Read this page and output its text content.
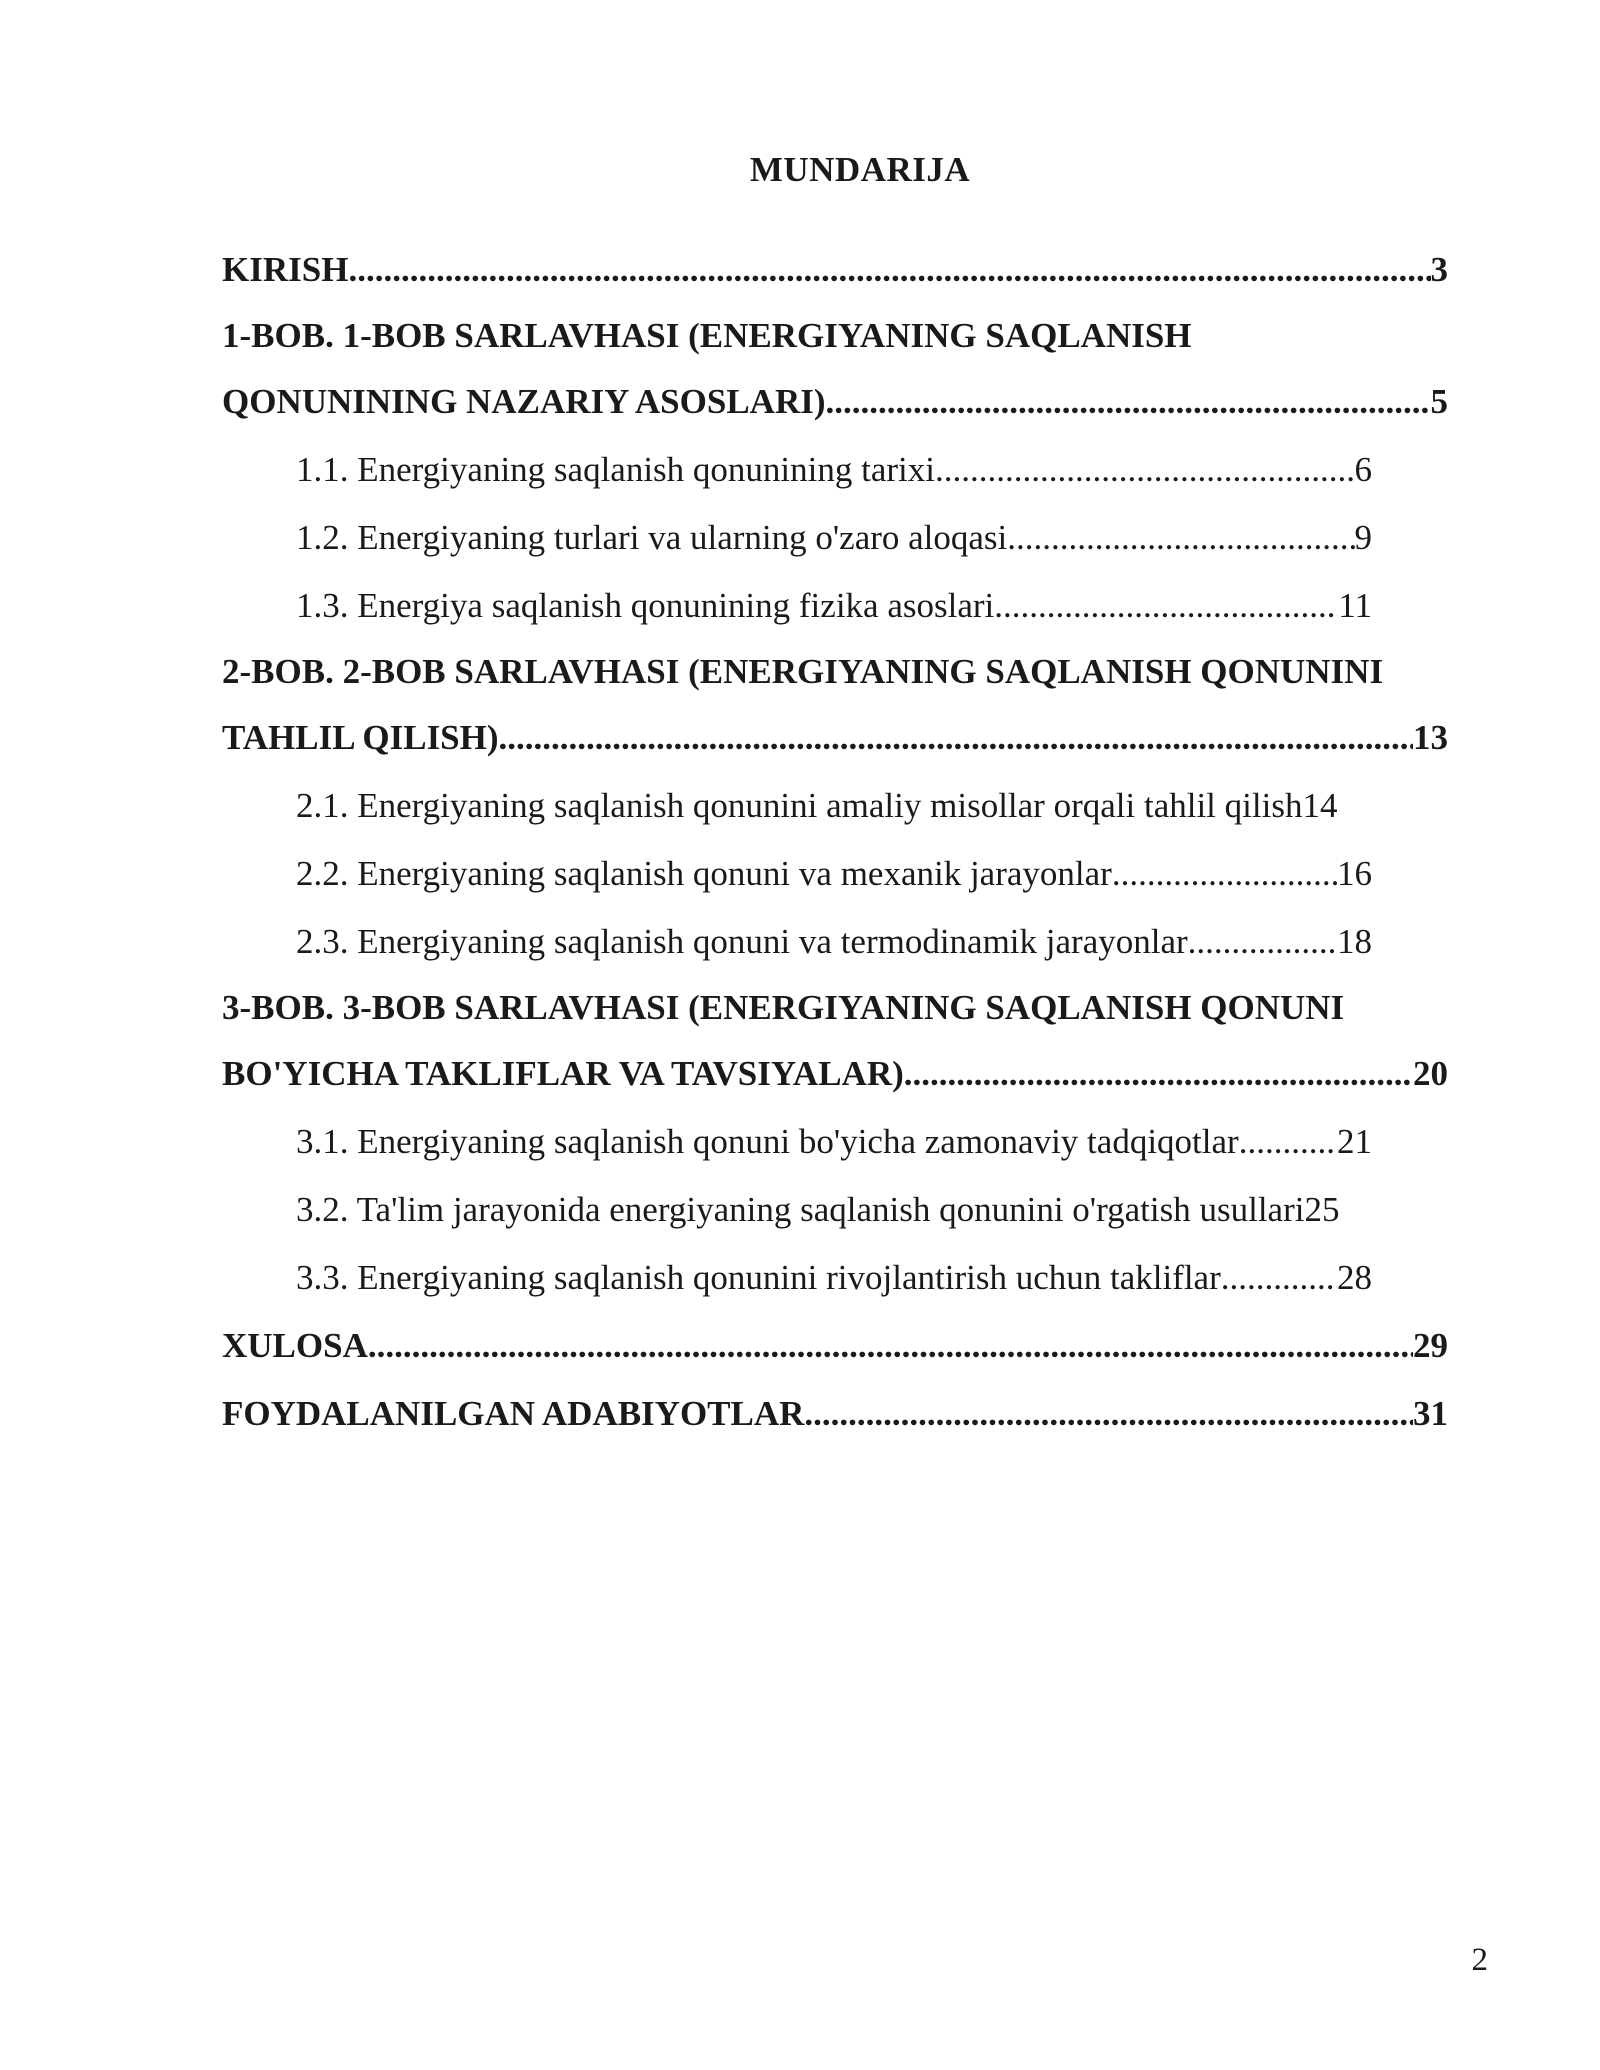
MUNDARIJA
KIRISH .....	3
1-BOB. 1-BOB SARLAVHASI (ENERGIYANING SAQLANISH
QONUNINING NAZARIY ASOSLARI) .....	5
1.1. Energiyaning saqlanish qonunining tarixi .....	6
1.2. Energiyaning turlari va ularning o'zaro aloqasi .....	9
1.3. Energiya saqlanish qonunining fizika asoslari .....	11
2-BOB. 2-BOB SARLAVHASI (ENERGIYANING SAQLANISH QONUNINI
TAHLIL QILISH) .....	13
2.1. Energiyaning saqlanish qonunini amaliy misollar orqali tahlil qilish 14
2.2. Energiyaning saqlanish qonuni va mexanik jarayonlar .....	16
2.3. Energiyaning saqlanish qonuni va termodinamik jarayonlar .....	18
3-BOB. 3-BOB SARLAVHASI (ENERGIYANING SAQLANISH QONUNI
BO'YICHA TAKLIFLAR VA TAVSIYALAR) .....	20
3.1. Energiyaning saqlanish qonuni bo'yicha zamonaviy tadqiqotlar .....	21
3.2. Ta'lim jarayonida energiyaning saqlanish qonunini o'rgatish usullari 25
3.3. Energiyaning saqlanish qonunini rivojlantirish uchun takliflar .....	28
XULOSA .....	29
FOYDALANILGAN ADABIYOTLAR .....	31
2
